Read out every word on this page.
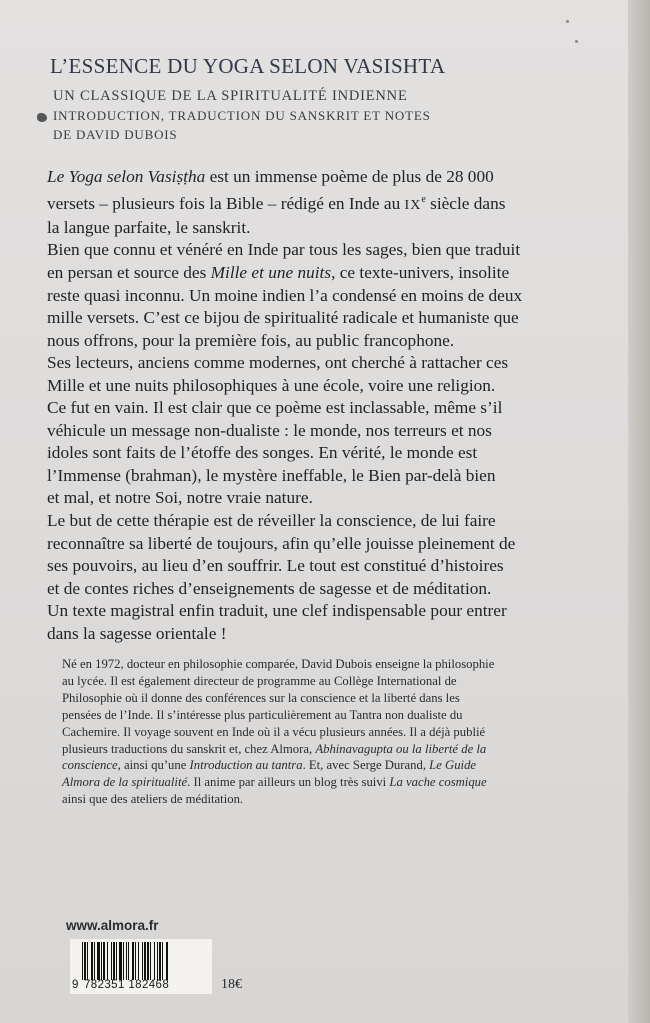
L’ESSENCE DU YOGA SELON VASISHTA
UN CLASSIQUE DE LA SPIRITUALITÉ INDIENNE
INTRODUCTION, TRADUCTION DU SANSKRIT ET NOTES
DE DAVID DUBOIS
Le Yoga selon Vasiṣṭha est un immense poème de plus de 28 000
versets – plusieurs fois la Bible – rédigé en Inde au IXe siècle dans
la langue parfaite, le sanskrit.
Bien que connu et vénéré en Inde par tous les sages, bien que traduit
en persan et source des Mille et une nuits, ce texte-univers, insolite
reste quasi inconnu. Un moine indien l’a condensé en moins de deux
mille versets. C’est ce bijou de spiritualité radicale et humaniste que
nous offrons, pour la première fois, au public francophone.
Ses lecteurs, anciens comme modernes, ont cherché à rattacher ces
Mille et une nuits philosophiques à une école, voire une religion.
Ce fut en vain. Il est clair que ce poème est inclassable, même s’il
véhicule un message non-dualiste : le monde, nos terreurs et nos
idoles sont faits de l’étoffe des songes. En vérité, le monde est
l’Immense (brahman), le mystère ineffable, le Bien par-delà bien
et mal, et notre Soi, notre vraie nature.
Le but de cette thérapie est de réveiller la conscience, de lui faire
reconnaître sa liberté de toujours, afin qu’elle jouisse pleinement de
ses pouvoirs, au lieu d’en souffrir. Le tout est constitué d’histoires
et de contes riches d’enseignements de sagesse et de méditation.
Un texte magistral enfin traduit, une clef indispensable pour entrer
dans la sagesse orientale !
Né en 1972, docteur en philosophie comparée, David Dubois enseigne la philosophie
au lycée. Il est également directeur de programme au Collège International de
Philosophie où il donne des conférences sur la conscience et la liberté dans les
pensées de l’Inde. Il s’intéresse plus particulièrement au Tantra non dualiste du
Cachemire. Il voyage souvent en Inde où il a vécu plusieurs années. Il a déjà publié
plusieurs traductions du sanskrit et, chez Almora, Abhinavagupta ou la liberté de la
conscience, ainsi qu’une Introduction au tantra. Et, avec Serge Durand, Le Guide
Almora de la spiritualité. Il anime par ailleurs un blog très suivi La vache cosmique
ainsi que des ateliers de méditation.
www.almora.fr
9 782351 182468	18€
